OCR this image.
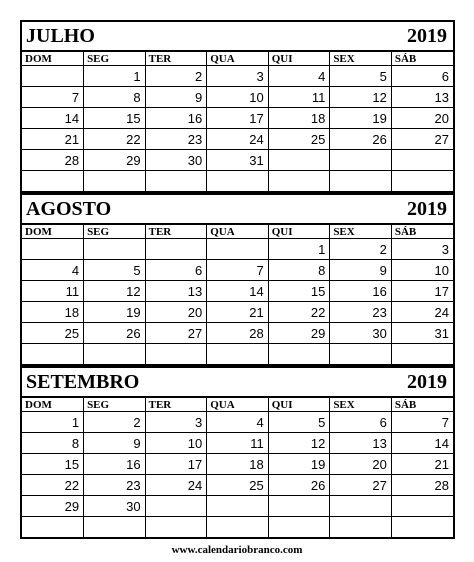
JULHO	2019
DOM	SEG	TER	QUA	QUI	SEX	SÁB
	1	2	3	4	5	6
7	8	9	10	11	12	13
14	15	16	17	18	19	20
21	22	23	24	25	26	27
28	29	30	31			

AGOSTO	2019
DOM	SEG	TER	QUA	QUI	SEX	SÁB
				1	2	3
4	5	6	7	8	9	10
11	12	13	14	15	16	17
18	19	20	21	22	23	24
25	26	27	28	29	30	31

SETEMBRO	2019
DOM	SEG	TER	QUA	QUI	SEX	SÁB
1	2	3	4	5	6	7
8	9	10	11	12	13	14
15	16	17	18	19	20	21
22	23	24	25	26	27	28
29	30					

www.calendariobranco.com
